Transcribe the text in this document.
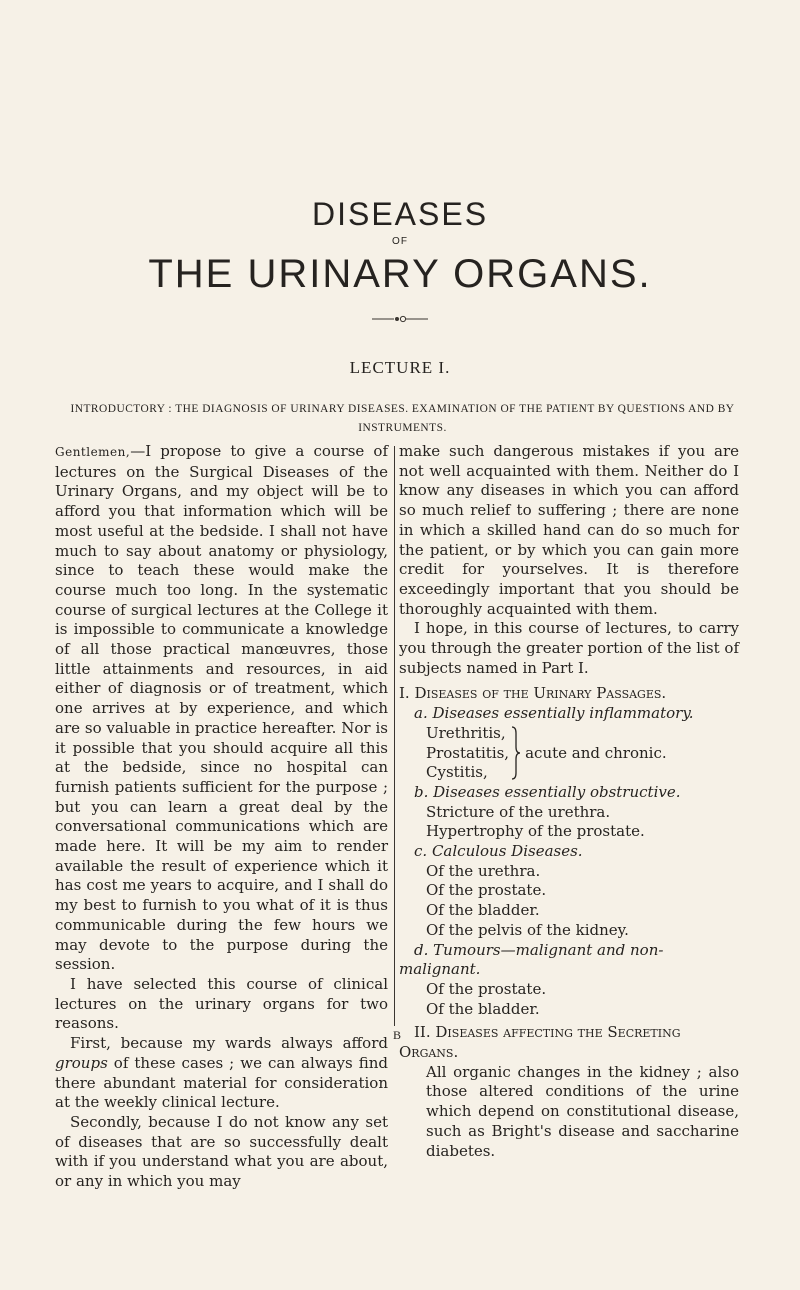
DISEASES
OF
THE URINARY ORGANS.
LECTURE I.
INTRODUCTORY : THE DIAGNOSIS OF URINARY DISEASES. EXAMINATION OF THE PATIENT BY QUESTIONS AND BY INSTRUMENTS.

Gentlemen,—I propose to give a course of lectures on the Surgical Diseases of the Urinary Organs, and my object will be to afford you that information which will be most useful at the bedside. I shall not have much to say about anatomy or physiology, since to teach these would make the course much too long. In the systematic course of surgical lectures at the College it is impossible to communicate a knowledge of all those practical manœuvres, those little attainments and resources, in aid either of diagnosis or of treatment, which one arrives at by experience, and which are so valuable in practice hereafter. Nor is it possible that you should acquire all this at the bedside, since no hospital can furnish patients sufficient for the purpose ; but you can learn a great deal by the conversational communications which are made here. It will be my aim to render available the result of experience which it has cost me years to acquire, and I shall do my best to furnish to you what of it is thus communicable during the few hours we may devote to the purpose during the session.

I have selected this course of clinical lectures on the urinary organs for two reasons.

First, because my wards always afford groups of these cases ; we can always find there abundant material for consideration at the weekly clinical lecture.

Secondly, because I do not know any set of diseases that are so successfully dealt with if you understand what you are about, or any in which you may

make such dangerous mistakes if you are not well acquainted with them. Neither do I know any diseases in which you can afford so much relief to suffering ; there are none in which a skilled hand can do so much for the patient, or by which you can gain more credit for yourselves. It is therefore exceedingly important that you should be thoroughly acquainted with them.

I hope, in this course of lectures, to carry you through the greater portion of the list of subjects named in Part I.

I. Diseases of the Urinary Passages.

a. Diseases essentially inflammatory.

Urethritis,
Prostatitis,
Cystitis,
acute and chronic.

b. Diseases essentially obstructive.

Stricture of the urethra.

Hypertrophy of the prostate.

c. Calculous Diseases.

Of the urethra.

Of the prostate.

Of the bladder.

Of the pelvis of the kidney.

d. Tumours—malignant and non-malignant.

Of the prostate.

Of the bladder.

II. Diseases affecting the Secreting Organs.

All organic changes in the kidney ; also those altered conditions of the urine which depend on constitutional disease, such as Bright's disease and saccharine diabetes.

B
